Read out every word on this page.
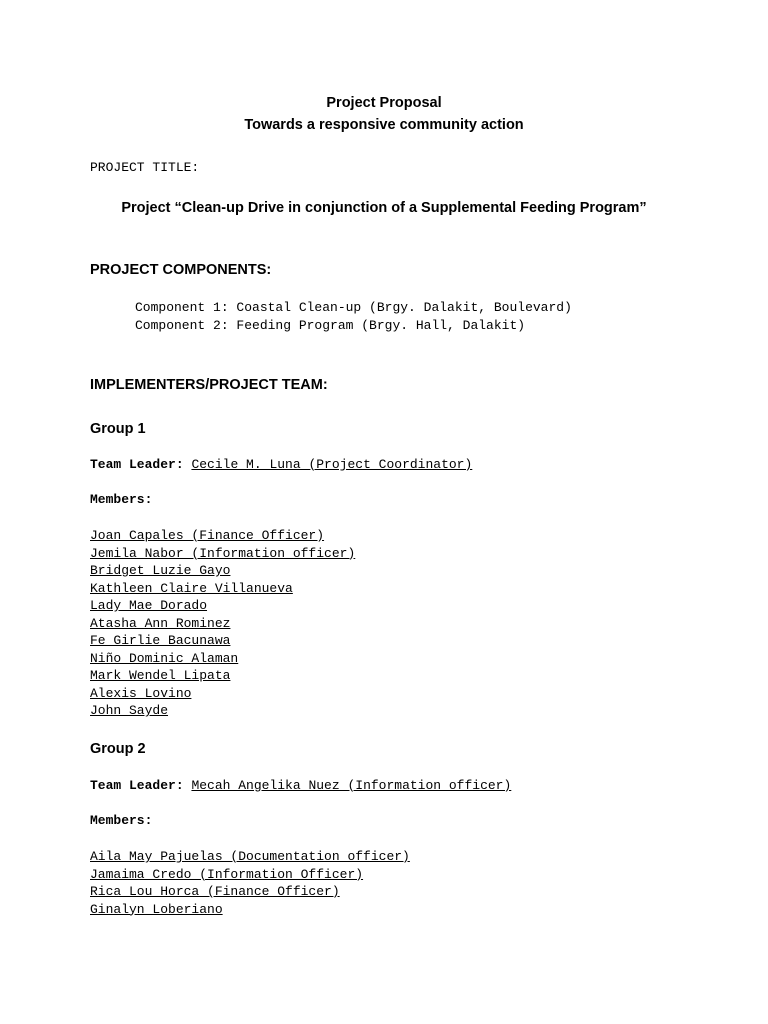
Project Proposal
Towards a responsive community action
PROJECT TITLE:
Project “Clean-up Drive in conjunction of a Supplemental Feeding Program”
PROJECT COMPONENTS:
Component 1: Coastal Clean-up (Brgy. Dalakit, Boulevard)
Component 2: Feeding Program (Brgy. Hall, Dalakit)
IMPLEMENTERS/PROJECT TEAM:
Group 1
Team Leader: Cecile M. Luna (Project Coordinator)
Members:
Joan Capales (Finance Officer)
Jemila Nabor (Information officer)
Bridget Luzie Gayo
Kathleen Claire Villanueva
Lady Mae Dorado
Atasha Ann Rominez
Fe Girlie Bacunawa
Niño Dominic Alaman
Mark Wendel Lipata
Alexis Lovino
John Sayde
Group 2
Team Leader: Mecah Angelika Nuez (Information officer)
Members:
Aila May Pajuelas (Documentation officer)
Jamaima Credo (Information Officer)
Rica Lou Horca (Finance Officer)
Ginalyn Loberiano
